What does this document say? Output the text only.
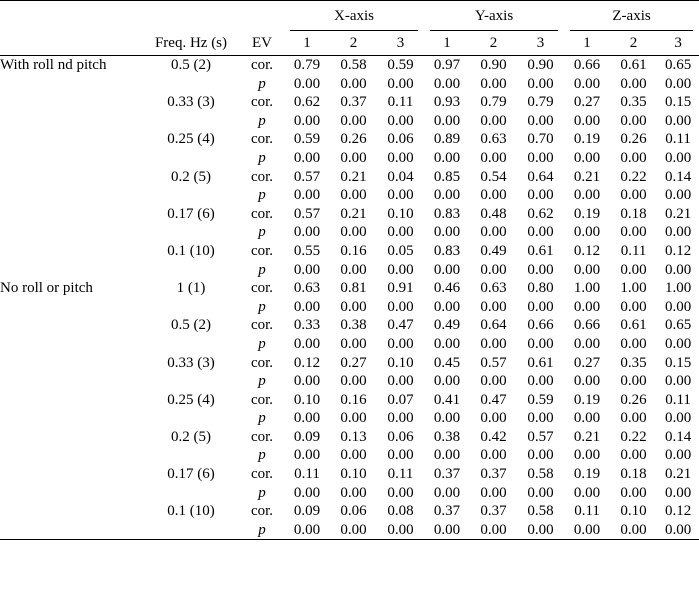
			X-axis			Y-axis			Z-axis		

	Freq. Hz (s)	EV	1	2	3	1	2	3	1	2	3
With roll nd pitch	0.5 (2)	cor.	0.79	0.58	0.59	0.97	0.90	0.90	0.66	0.61	0.65
		p	0.00	0.00	0.00	0.00	0.00	0.00	0.00	0.00	0.00
	0.33 (3)	cor.	0.62	0.37	0.11	0.93	0.79	0.79	0.27	0.35	0.15
		p	0.00	0.00	0.00	0.00	0.00	0.00	0.00	0.00	0.00
	0.25 (4)	cor.	0.59	0.26	0.06	0.89	0.63	0.70	0.19	0.26	0.11
		p	0.00	0.00	0.00	0.00	0.00	0.00	0.00	0.00	0.00
	0.2 (5)	cor.	0.57	0.21	0.04	0.85	0.54	0.64	0.21	0.22	0.14
		p	0.00	0.00	0.00	0.00	0.00	0.00	0.00	0.00	0.00
	0.17 (6)	cor.	0.57	0.21	0.10	0.83	0.48	0.62	0.19	0.18	0.21
		p	0.00	0.00	0.00	0.00	0.00	0.00	0.00	0.00	0.00
	0.1 (10)	cor.	0.55	0.16	0.05	0.83	0.49	0.61	0.12	0.11	0.12
		p	0.00	0.00	0.00	0.00	0.00	0.00	0.00	0.00	0.00
No roll or pitch	1 (1)	cor.	0.63	0.81	0.91	0.46	0.63	0.80	1.00	1.00	1.00
		p	0.00	0.00	0.00	0.00	0.00	0.00	0.00	0.00	0.00
	0.5 (2)	cor.	0.33	0.38	0.47	0.49	0.64	0.66	0.66	0.61	0.65
		p	0.00	0.00	0.00	0.00	0.00	0.00	0.00	0.00	0.00
	0.33 (3)	cor.	0.12	0.27	0.10	0.45	0.57	0.61	0.27	0.35	0.15
		p	0.00	0.00	0.00	0.00	0.00	0.00	0.00	0.00	0.00
	0.25 (4)	cor.	0.10	0.16	0.07	0.41	0.47	0.59	0.19	0.26	0.11
		p	0.00	0.00	0.00	0.00	0.00	0.00	0.00	0.00	0.00
	0.2 (5)	cor.	0.09	0.13	0.06	0.38	0.42	0.57	0.21	0.22	0.14
		p	0.00	0.00	0.00	0.00	0.00	0.00	0.00	0.00	0.00
	0.17 (6)	cor.	0.11	0.10	0.11	0.37	0.37	0.58	0.19	0.18	0.21
		p	0.00	0.00	0.00	0.00	0.00	0.00	0.00	0.00	0.00
	0.1 (10)	cor.	0.09	0.06	0.08	0.37	0.37	0.58	0.11	0.10	0.12
		p	0.00	0.00	0.00	0.00	0.00	0.00	0.00	0.00	0.00
